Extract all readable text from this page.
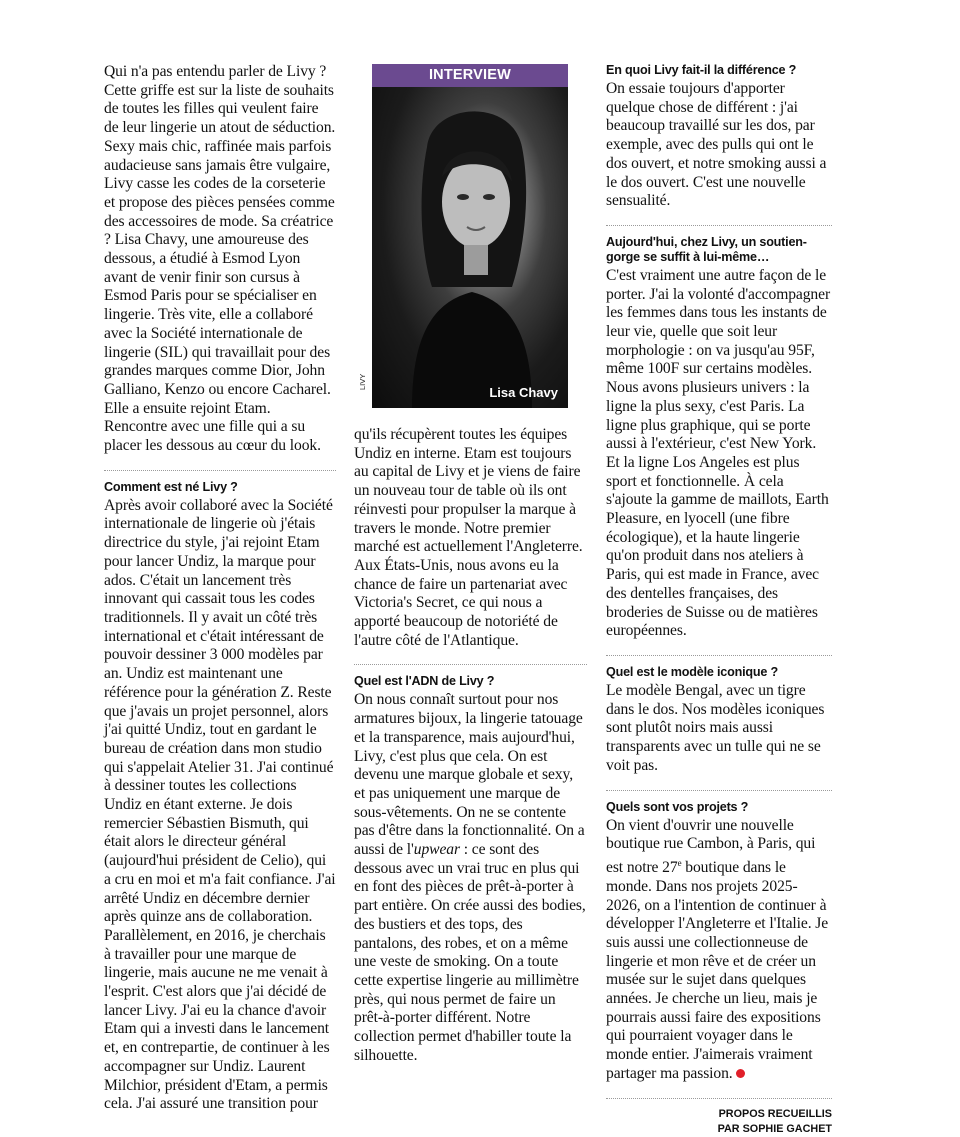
Qui n'a pas entendu parler de Livy ? Cette griffe est sur la liste de souhaits de toutes les filles qui veulent faire de leur lingerie un atout de séduction. Sexy mais chic, raffinée mais parfois audacieuse sans jamais être vulgaire, Livy casse les codes de la corseterie et propose des pièces pensées comme des accessoires de mode. Sa créatrice ? Lisa Chavy, une amoureuse des dessous, a étudié à Esmod Lyon avant de venir finir son cursus à Esmod Paris pour se spécialiser en lingerie. Très vite, elle a collaboré avec la Société internationale de lingerie (SIL) qui travaillait pour des grandes marques comme Dior, John Galliano, Kenzo ou encore Cacharel. Elle a ensuite rejoint Etam. Rencontre avec une fille qui a su placer les dessous au cœur du look.

Comment est né Livy ?

Après avoir collaboré avec la Société internationale de lingerie où j'étais directrice du style, j'ai rejoint Etam pour lancer Undiz, la marque pour ados. C'était un lancement très innovant qui cassait tous les codes traditionnels. Il y avait un côté très international et c'était intéressant de pouvoir dessiner 3 000 modèles par an. Undiz est maintenant une référence pour la génération Z. Reste que j'avais un projet personnel, alors j'ai quitté Undiz, tout en gardant le bureau de création dans mon studio qui s'appelait Atelier 31. J'ai continué à dessiner toutes les collections Undiz en étant externe. Je dois remercier Sébastien Bismuth, qui était alors le directeur général (aujourd'hui président de Celio), qui a cru en moi et m'a fait confiance. J'ai arrêté Undiz en décembre dernier après quinze ans de collaboration. Parallèlement, en 2016, je cherchais à travailler pour une marque de lingerie, mais aucune ne me venait à l'esprit. C'est alors que j'ai décidé de lancer Livy. J'ai eu la chance d'avoir Etam qui a investi dans le lancement et, en contrepartie, de continuer à les accompagner sur Undiz. Laurent Milchior, président d'Etam, a permis cela. J'ai assuré une transition pour

INTERVIEW
Lisa Chavy
LIVY

qu'ils récupèrent toutes les équipes Undiz en interne. Etam est toujours au capital de Livy et je viens de faire un nouveau tour de table où ils ont réinvesti pour propulser la marque à travers le monde. Notre premier marché est actuellement l'Angleterre. Aux États-Unis, nous avons eu la chance de faire un partenariat avec Victoria's Secret, ce qui nous a apporté beaucoup de notoriété de l'autre côté de l'Atlantique.

Quel est l'ADN de Livy ?

On nous connaît surtout pour nos armatures bijoux, la lingerie tatouage et la transparence, mais aujourd'hui, Livy, c'est plus que cela. On est devenu une marque globale et sexy, et pas uniquement une marque de sous-vêtements. On ne se contente pas d'être dans la fonctionnalité. On a aussi de l'upwear : ce sont des dessous avec un vrai truc en plus qui en font des pièces de prêt-à-porter à part entière. On crée aussi des bodies, des bustiers et des tops, des pantalons, des robes, et on a même une veste de smoking. On a toute cette expertise lingerie au millimètre près, qui nous permet de faire un prêt-à-porter différent. Notre collection permet d'habiller toute la silhouette.

En quoi Livy fait-il la différence ?

On essaie toujours d'apporter quelque chose de différent : j'ai beaucoup travaillé sur les dos, par exemple, avec des pulls qui ont le dos ouvert, et notre smoking aussi a le dos ouvert. C'est une nouvelle sensualité.

Aujourd'hui, chez Livy, un soutien-gorge se suffit à lui-même…

C'est vraiment une autre façon de le porter. J'ai la volonté d'accompagner les femmes dans tous les instants de leur vie, quelle que soit leur morphologie : on va jusqu'au 95F, même 100F sur certains modèles. Nous avons plusieurs univers : la ligne la plus sexy, c'est Paris. La ligne plus graphique, qui se porte aussi à l'extérieur, c'est New York. Et la ligne Los Angeles est plus sport et fonctionnelle. À cela s'ajoute la gamme de maillots, Earth Pleasure, en lyocell (une fibre écologique), et la haute lingerie qu'on produit dans nos ateliers à Paris, qui est made in France, avec des dentelles françaises, des broderies de Suisse ou de matières européennes.

Quel est le modèle iconique ?

Le modèle Bengal, avec un tigre dans le dos. Nos modèles iconiques sont plutôt noirs mais aussi transparents avec un tulle qui ne se voit pas.

Quels sont vos projets ?

On vient d'ouvrir une nouvelle boutique rue Cambon, à Paris, qui est notre 27e boutique dans le monde. Dans nos projets 2025-2026, on a l'intention de continuer à développer l'Angleterre et l'Italie. Je suis aussi une collectionneuse de lingerie et mon rêve et de créer un musée sur le sujet dans quelques années. Je cherche un lieu, mais je pourrais aussi faire des expositions qui pourraient voyager dans le monde entier. J'aimerais vraiment partager ma passion.

PROPOS RECUEILLIS

PAR SOPHIE GACHET
